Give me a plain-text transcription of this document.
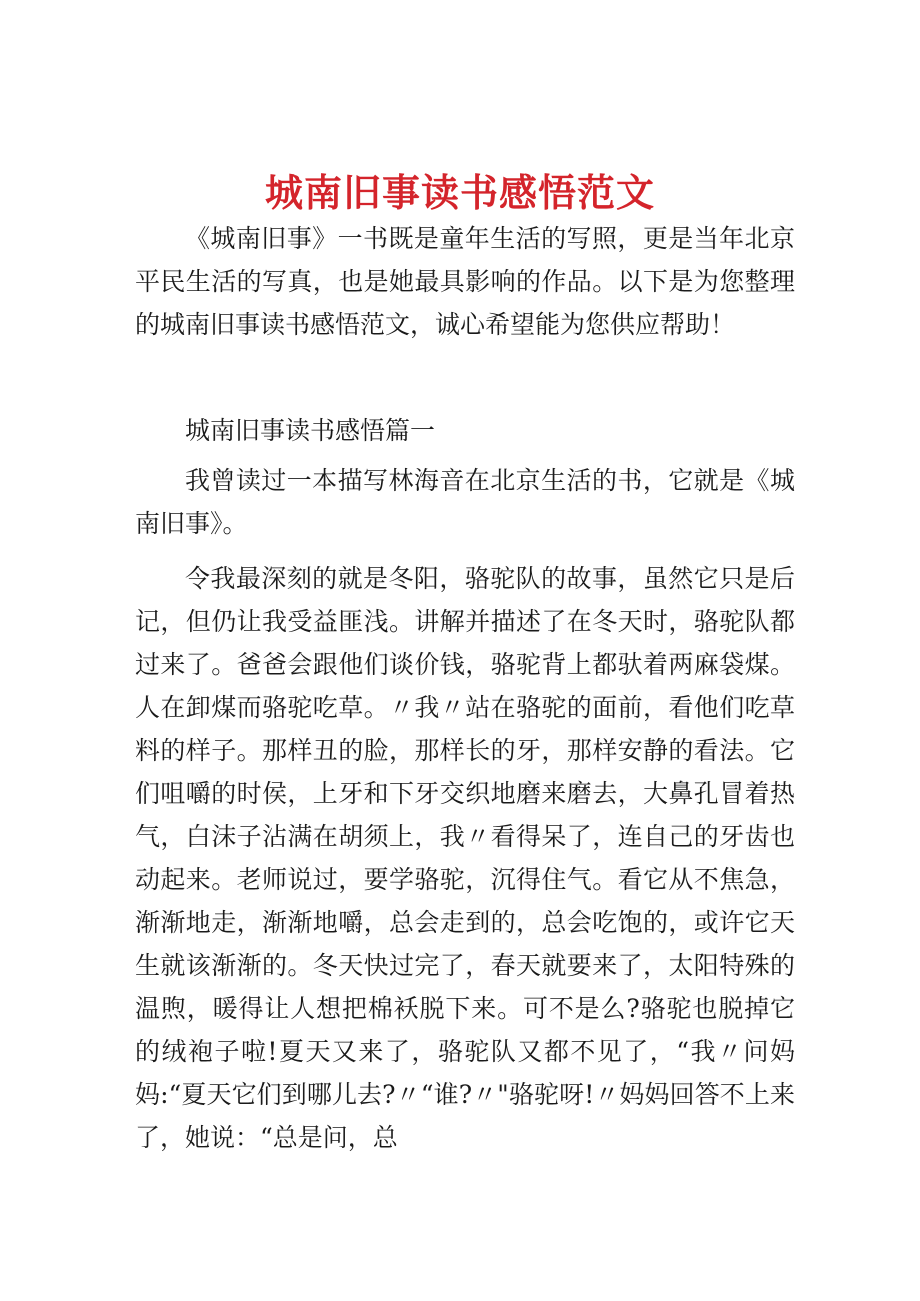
城南旧事读书感悟范文

《城南旧事》一书既是童年生活的写照，更是当年北京平民生活的写真，也是她最具影响的作品。以下是为您整理的城南旧事读书感悟范文，诚心希望能为您供应帮助！

城南旧事读书感悟篇一

我曾读过一本描写林海音在北京生活的书，它就是《城南旧事》。

令我最深刻的就是冬阳，骆驼队的故事，虽然它只是后记，但仍让我受益匪浅。讲解并描述了在冬天时，骆驼队都过来了。爸爸会跟他们谈价钱，骆驼背上都驮着两麻袋煤。人在卸煤而骆驼吃草。〃我〃站在骆驼的面前，看他们吃草料的样子。那样丑的脸，那样长的牙，那样安静的看法。它们咀嚼的时侯，上牙和下牙交织地磨来磨去，大鼻孔冒着热气，白沫子沾满在胡须上，我〃看得呆了，连自己的牙齿也动起来。老师说过，要学骆驼，沉得住气。看它从不焦急，渐渐地走，渐渐地嚼，总会走到的，总会吃饱的，或许它天生就该渐渐的。冬天快过完了，春天就要来了，太阳特殊的温煦，暖得让人想把棉袄脱下来。可不是么?骆驼也脱掉它的绒袍子啦!夏天又来了，骆驼队又都不见了，“我〃问妈妈:“夏天它们到哪儿去?〃“谁?〃"骆驼呀!〃妈妈回答不上来了，她说：“总是问，总
